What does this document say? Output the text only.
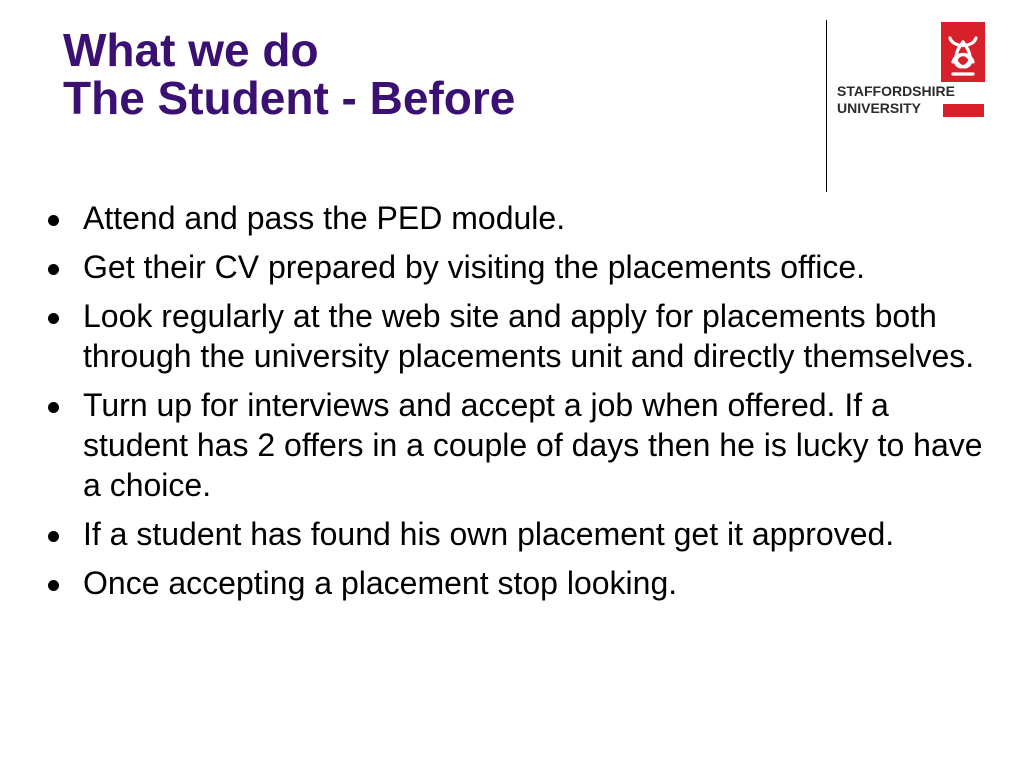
What we do
The Student - Before	STAFFORDSHIRE
UNIVERSITY
Attend and pass the PED module.
Get their CV prepared by visiting the placements office.
Look regularly at the web site and apply for placements both through the university placements unit and directly themselves.
Turn up for interviews and accept a job when offered. If a student has 2 offers in a couple of days then he is lucky to have a choice.
If a student has found his own placement get it approved.
Once accepting a placement stop looking.
